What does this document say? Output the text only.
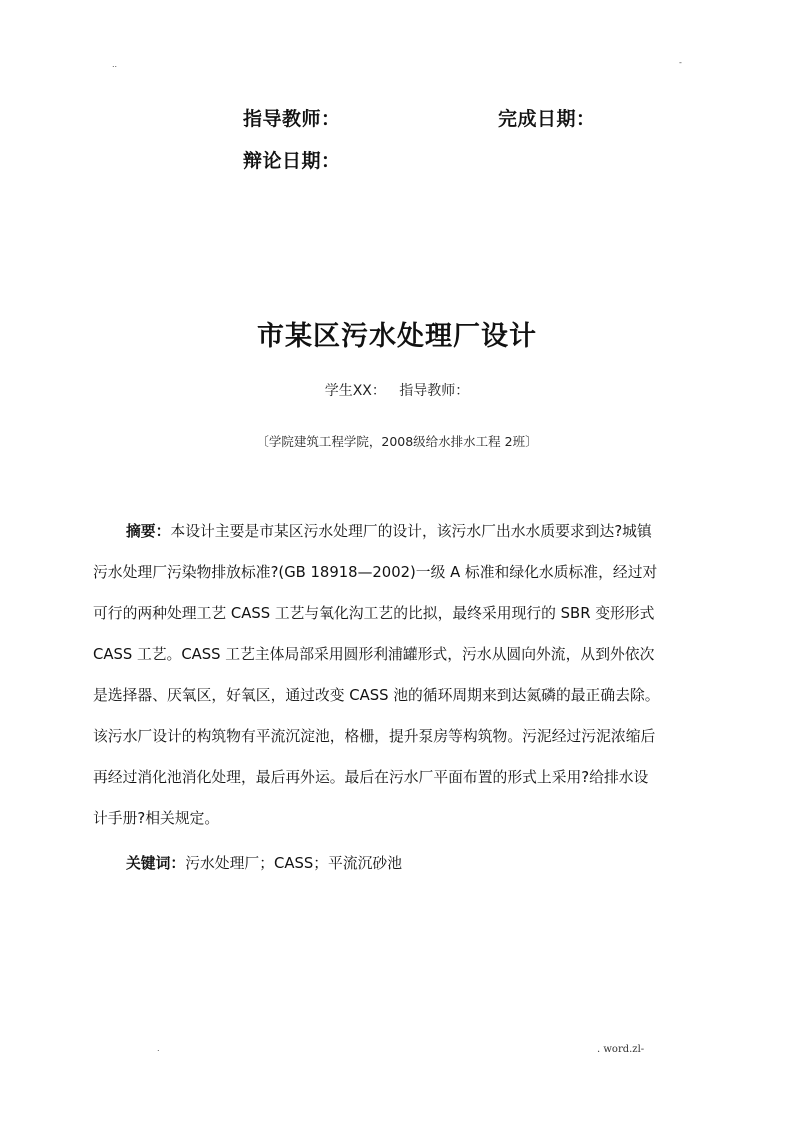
..	-
指导教师：	完成日期：
辩论日期：
市某区污水处理厂设计
学生XX：   指导教师：
〔学院建筑工程学院，2008级给水排水工程 2班〕
摘要：本设计主要是市某区污水处理厂的设计，该污水厂出水水质要求到达?城镇
污水处理厂污染物排放标准?(GB 18918—2002)一级 A 标准和绿化水质标准，经过对
可行的两种处理工艺 CASS 工艺与氧化沟工艺的比拟，最终采用现行的 SBR 变形形式
CASS 工艺。CASS 工艺主体局部采用圆形利浦罐形式，污水从圆向外流，从到外依次
是选择器、厌氧区，好氧区，通过改变 CASS 池的循环周期来到达氮磷的最正确去除。
该污水厂设计的构筑物有平流沉淀池，格栅，提升泵房等构筑物。污泥经过污泥浓缩后
再经过消化池消化处理，最后再外运。最后在污水厂平面布置的形式上采用?给排水设
计手册?相关规定。
关键词：污水处理厂；CASS；平流沉砂池
.	. word.zl-
